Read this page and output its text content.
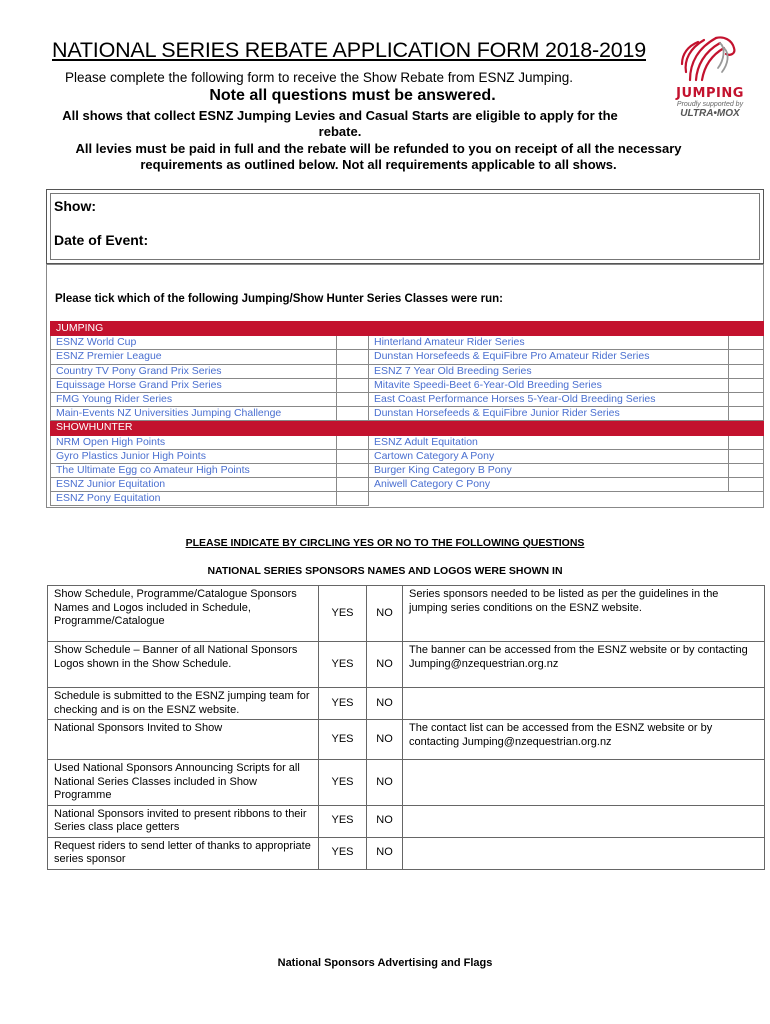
NATIONAL SERIES REBATE APPLICATION FORM 2018-2019
Please complete the following form to receive the Show Rebate from ESNZ Jumping.
Note all questions must be answered.
All shows that collect ESNZ Jumping Levies and Casual Starts are eligible to apply for the
rebate.
All levies must be paid in full and the rebate will be refunded to you on receipt of all the necessary
requirements as outlined below. Not all requirements applicable to all shows.
JUMPING
Proudly supported by
ULTRA•MOX
Show:
Date of Event:
Please tick which of the following Jumping/Show Hunter Series Classes were run:
JUMPING			
ESNZ World Cup		Hinterland Amateur Rider Series	
ESNZ Premier League		Dunstan Horsefeeds & EquiFibre Pro Amateur Rider Series	
Country TV Pony Grand Prix Series		ESNZ 7 Year Old Breeding Series	
Equissage Horse Grand Prix Series		Mitavite Speedi-Beet 6-Year-Old Breeding Series	
FMG Young Rider Series		East Coast Performance Horses 5-Year-Old Breeding Series	
Main-Events NZ Universities Jumping Challenge		Dunstan Horsefeeds & EquiFibre Junior Rider Series	
SHOWHUNTER			
NRM Open High Points		ESNZ Adult Equitation	
Gyro Plastics Junior High Points		Cartown Category A Pony	
The Ultimate Egg co Amateur High Points		Burger King Category B Pony	
ESNZ Junior Equitation		Aniwell Category C Pony	
ESNZ Pony Equitation			
PLEASE INDICATE BY CIRCLING YES OR NO TO THE FOLLOWING QUESTIONS
NATIONAL SERIES SPONSORS NAMES AND LOGOS WERE SHOWN IN
Show Schedule, Programme/Catalogue Sponsors Names and Logos included in Schedule, Programme/Catalogue	YES	NO	Series sponsors needed to be listed as per the guidelines in the jumping series conditions on the ESNZ website.
Show Schedule – Banner of all National Sponsors Logos shown in the Show Schedule.	YES	NO	The banner can be accessed from the ESNZ website or by contacting Jumping@nzequestrian.org.nz
Schedule is submitted to the ESNZ jumping team for checking and is on the ESNZ website.	YES	NO	
National Sponsors Invited to Show	YES	NO	The contact list can be accessed from the ESNZ website or by contacting Jumping@nzequestrian.org.nz
Used National Sponsors Announcing Scripts for all National Series Classes included in Show Programme	YES	NO	
National Sponsors invited to present ribbons to their Series class place getters	YES	NO	
Request riders to send letter of thanks to appropriate series sponsor	YES	NO	
National Sponsors Advertising and Flags
